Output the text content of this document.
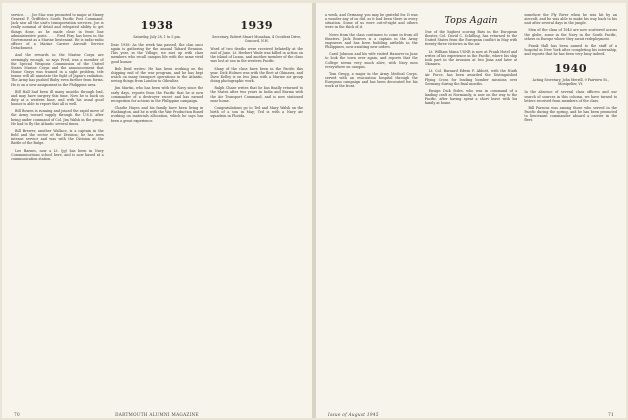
service. . . . Joe Mac was promoted to major at Maxey General F. Griffiths's South Pacific Post Command. Jack saw all the unit's transportation services. Joe is really nominal of detail and relegated ability to get things done, as he made clear in front line administrative posts. . . . Fred Fixy has been in the Government as a Marine lieutenant. He is radio-radio officer of a Marine Carrier Aircraft Service Detachment.

And the rewards in the Marine Corps are seemingly enough, so says Fred, was a member of the Special Weapons Commission of the United States Marine Corps and the announcement that Honor Grays was trained in a sight problem, tele teams will all annotate the fight of Japan's radiation. The Army has pushed Bisby even further from forms. He is on a new assignment in the Philippine area.

Bill Hall had been ill many months through bad, and may have surgery this time. Now he is back on duty at a western base, and with his usual good humor is able to report that all is well.

Bill Bowen is running and joined the rapid move of the Army toward supply through the U.S.S. after being under command of Col. Jim Walsh in the group. He had to fly the Atlantic several times.

Bill Brewer, another Wallace, is a captain in the field and the sector of the Division; he has seen intense service and was with the Division at the Battle of the Bulge.

Lee Barnes, now a Lt. (jg) has been in Navy Communications school here, and is now based at a communication station.

1938
Saturday, July 28, 1 to 5 pm.

Dear 1938: As the week has passed, the clan once again is gathering for the annual Tabard Reunion. This year, in the Village, we met up with class members who recall campus life with the same vivid good humor.

Bob Reid writes: He has been working on the shipping end of the war program, and he has kept watch on many transport operations in the Atlantic, seeing things from London to Gibraltar.

Jim Martin, who has been with the Navy since the early days, reports from the Pacific that he is now commander of a destroyer escort and has earned recognition for actions in the Philippine campaign.

Charlie Hayes and his family have been living in Washington, and he is with the War Production Board working on materials allocation, which he says has been a great experience.

1939
Secretary, Robert Stuart Monahan, 4 Occident Drive, Concord, N.H.

Word of two deaths were received belatedly at the end of June. Lt. Herbert Wade was killed in action on the island of Luzon, and another member of the class was lost at sea in the western Pacific.

Many of the class have been in the Pacific this year. Dick Holmes was with the fleet at Okinawa, and Dave Kelley is on Iwo Jima with a Marine air group doing photographic work.

Ralph Chase writes that he has finally returned to the States after two years in India and Burma with the Air Transport Command, and is now stationed near home.

Congratulations go to Ted and Mary Walsh on the birth of a son in May; Ted is with a Navy air squadron in Florida.

70	DARTMOUTH ALUMNI MAGAZINE

a week, and Germany, you may be grateful for. It was a wonder any of us did, as it had been there in every situation. Some of us were out-of-sight and others were in the thick of it.

News from the class continues to come in from all theaters. Jack Bowers is a captain in the Army engineers and has been building airfields in the Philippines, now awaiting new orders.

Carol Johnson and his wife visited Hanover in June to look the town over again, and reports that the College seems very much alive, with Navy men everywhere on campus.

Tom Gregg, a major in the Army Medical Corps, served with an evacuation hospital through the European campaign and has been decorated for his work at the front.

Tops Again

One of the highest scoring Bats in the European theater, Col. David C. Schilling, has returned to the United States from the European conflict in May with twenty-three victories in the air.

Lt. William Mann USNR is now at Frank Hotel and writes of his experience in the Pacific, where his ship took part in the invasion at Iwo Jima and later at Okinawa.

Lt. Col. Barnard Edwin F. Abbott, with the Ninth Air Force, has been awarded the Distinguished Flying Cross for leading bomber missions over Germany during the final months.

Ensign Dick Stiles, who was in command of a landing craft at Normandy, is now on the way to the Pacific, after having spent a short leave with his family at home.

somehow the Fly River when he was hit by an aircraft, and he was able to make his way back to his unit after several days in the jungle.

Men of the class of 1940 are now scattered across the globe, some in the Navy in the South Pacific, others in Europe where they await redeployment.

Frank Hall has been named to the staff of a hospital in New York after completing his internship, and reports that he has been very busy indeed.

1940
Acting Secretary, John Merrill, 9 Fairview St., Montpelier, Vt.

In the absence of several class officers and our search of sources in this column, we have turned to letters received from members of the class.

Bill Parsons was among those who served in the Pacific during the spring, and he has been promoted to lieutenant commander aboard a carrier in the fleet.

Issue of August 1945	71
